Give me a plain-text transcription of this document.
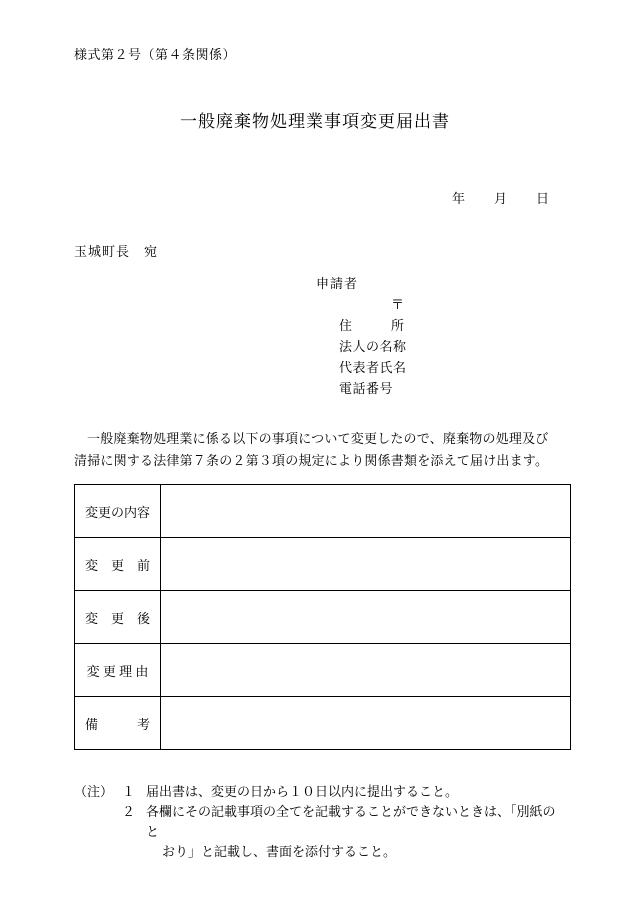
様式第２号（第４条関係）
一般廃棄物処理業事項変更届出書
年 月 日
玉城町長　宛
申請者
〒
住　　　所
法人の名称
代表者氏名
電話番号
一般廃棄物処理業に係る以下の事項について変更したので、廃棄物の処理及び清掃に関する法律第７条の２第３項の規定により関係書類を添えて届け出ます。
変更の内容	
変　更　前	
変　更　後	
変 更 理 由	
備　　　考	
（注） １ 届出書は、変更の日から１０日以内に提出すること。
２ 各欄にその記載事項の全てを記載することができないときは、「別紙のと
おり」と記載し、書面を添付すること。
